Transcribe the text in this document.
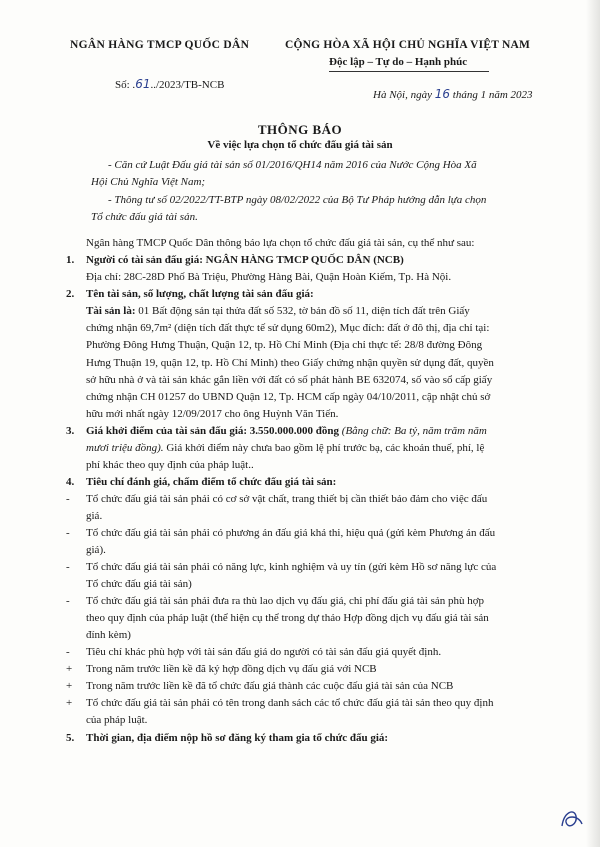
NGÂN HÀNG TMCP QUỐC DÂN	CỘNG HÒA XÃ HỘI CHỦ NGHĨA VIỆT NAM
Độc lập – Tự do – Hạnh phúc
Số: .61../2023/TB-NCB
Hà Nội, ngày 16 tháng 1 năm 2023
THÔNG BÁO
Về việc lựa chọn tổ chức đấu giá tài sản
- Căn cứ Luật Đấu giá tài sản số 01/2016/QH14 năm 2016 của Nước Cộng Hòa Xã
Hội Chủ Nghĩa Việt Nam;
- Thông tư số 02/2022/TT-BTP ngày 08/02/2022 của Bộ Tư Pháp hướng dẫn lựa chọn
Tổ chức đấu giá tài sản.
Ngân hàng TMCP Quốc Dân thông báo lựa chọn tổ chức đấu giá tài sản, cụ thể như sau:
1. Người có tài sản đấu giá: NGÂN HÀNG TMCP QUỐC DÂN (NCB)
Địa chỉ: 28C-28D Phố Bà Triệu, Phường Hàng Bài, Quận Hoàn Kiếm, Tp. Hà Nội.
2. Tên tài sản, số lượng, chất lượng tài sản đấu giá:
Tài sản là: 01 Bất động sản tại thửa đất số 532, tờ bản đồ số 11, diện tích đất trên Giấy
chứng nhận 69,7m² (diện tích đất thực tế sử dụng 60m2), Mục đích: đất ở đô thị, địa chỉ tại:
Phường Đông Hưng Thuận, Quận 12, tp. Hồ Chí Minh (Địa chỉ thực tế: 28/8 đường Đông
Hưng Thuận 19, quận 12, tp. Hồ Chí Minh) theo Giấy chứng nhận quyền sử dụng đất, quyền
sở hữu nhà ở và tài sản khác gắn liền với đất có số phát hành BE 632074, số vào sổ cấp giấy
chứng nhận CH 01257 do UBND Quận 12, Tp. HCM cấp ngày 04/10/2011, cập nhật chủ sở
hữu mới nhất ngày 12/09/2017 cho ông Huỳnh Văn Tiến.
3. Giá khởi điểm của tài sản đấu giá: 3.550.000.000 đồng (Bằng chữ: Ba tỷ, năm trăm năm
mươi triệu đồng). Giá khởi điểm này chưa bao gồm lệ phí trước bạ, các khoản thuế, phí, lệ
phí khác theo quy định của pháp luật..
4. Tiêu chí đánh giá, chấm điểm tổ chức đấu giá tài sản:
- Tổ chức đấu giá tài sản phải có cơ sở vật chất, trang thiết bị cần thiết bảo đảm cho việc đấu
giá.
- Tổ chức đấu giá tài sản phải có phương án đấu giá khả thi, hiệu quả (gửi kèm Phương án đấu
giá).
- Tổ chức đấu giá tài sản phải có năng lực, kinh nghiệm và uy tín (gửi kèm Hồ sơ năng lực của
Tổ chức đấu giá tài sản)
- Tổ chức đấu giá tài sản phải đưa ra thù lao dịch vụ đấu giá, chi phí đấu giá tài sản phù hợp
theo quy định của pháp luật (thể hiện cụ thể trong dự thảo Hợp đồng dịch vụ đấu giá tài sản
đính kèm)
- Tiêu chí khác phù hợp với tài sản đấu giá do người có tài sản đấu giá quyết định.
+ Trong năm trước liền kề đã ký hợp đồng dịch vụ đấu giá với NCB
+ Trong năm trước liền kề đã tổ chức đấu giá thành các cuộc đấu giá tài sản của NCB
+ Tổ chức đấu giá tài sản phải có tên trong danh sách các tổ chức đấu giá tài sản theo quy định
của pháp luật.
5. Thời gian, địa điểm nộp hồ sơ đăng ký tham gia tổ chức đấu giá:
